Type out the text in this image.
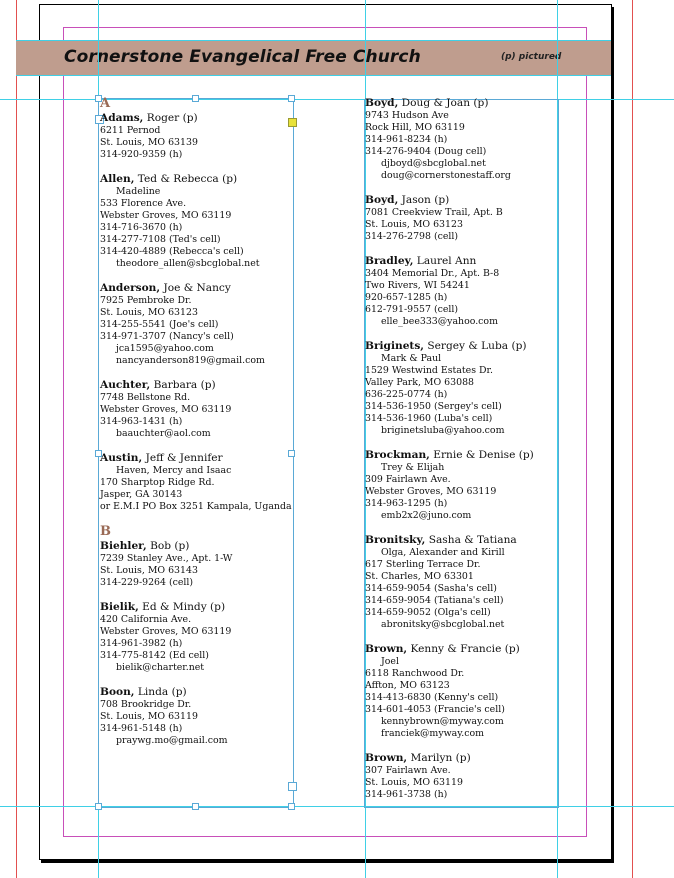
Cornerstone Evangelical Free Church	(p) pictured
A
Adams, Roger (p)
6211 Pernod
St. Louis, MO 63139
314-920-9359 (h)
Allen, Ted & Rebecca (p)
Madeline
533 Florence Ave.
Webster Groves, MO 63119
314-716-3670 (h)
314-277-7108 (Ted's cell)
314-420-4889 (Rebecca's cell)
theodore_allen@sbcglobal.net
Anderson, Joe & Nancy
7925 Pembroke Dr.
St. Louis, MO 63123
314-255-5541 (Joe's cell)
314-971-3707 (Nancy's cell)
jca1595@yahoo.com
nancyanderson819@gmail.com
Auchter, Barbara (p)
7748 Bellstone Rd.
Webster Groves, MO 63119
314-963-1431 (h)
baauchter@aol.com
Austin, Jeff & Jennifer
Haven, Mercy and Isaac
170 Sharptop Ridge Rd.
Jasper, GA 30143
or E.M.I PO Box 3251 Kampala, Uganda
B
Biehler, Bob (p)
7239 Stanley Ave., Apt. 1-W
St. Louis, MO 63143
314-229-9264 (cell)
Bielik, Ed & Mindy (p)
420 California Ave.
Webster Groves, MO 63119
314-961-3982 (h)
314-775-8142 (Ed cell)
bielik@charter.net
Boon, Linda (p)
708 Brookridge Dr.
St. Louis, MO 63119
314-961-5148 (h)
praywg.mo@gmail.com
Boyd, Doug & Joan (p)
9743 Hudson Ave
Rock Hill, MO 63119
314-961-8234 (h)
314-276-9404 (Doug cell)
djboyd@sbcglobal.net
doug@cornerstonestaff.org
Boyd, Jason (p)
7081 Creekview Trail, Apt. B
St. Louis, MO 63123
314-276-2798 (cell)
Bradley, Laurel Ann
3404 Memorial Dr., Apt. B-8
Two Rivers, WI 54241
920-657-1285 (h)
612-791-9557 (cell)
elle_bee333@yahoo.com
Briginets, Sergey & Luba (p)
Mark & Paul
1529 Westwind Estates Dr.
Valley Park, MO 63088
636-225-0774 (h)
314-536-1950 (Sergey's cell)
314-536-1960 (Luba's cell)
briginetsluba@yahoo.com
Brockman, Ernie & Denise (p)
Trey & Elijah
309 Fairlawn Ave.
Webster Groves, MO 63119
314-963-1295 (h)
emb2x2@juno.com
Bronitsky, Sasha & Tatiana
Olga, Alexander and Kirill
617 Sterling Terrace Dr.
St. Charles, MO 63301
314-659-9054 (Sasha's cell)
314-659-9054 (Tatiana's cell)
314-659-9052 (Olga's cell)
abronitsky@sbcglobal.net
Brown, Kenny & Francie (p)
Joel
6118 Ranchwood Dr.
Affton, MO 63123
314-413-6830 (Kenny's cell)
314-601-4053 (Francie's cell)
kennybrown@myway.com
franciek@myway.com
Brown, Marilyn (p)
307 Fairlawn Ave.
St. Louis, MO 63119
314-961-3738 (h)
